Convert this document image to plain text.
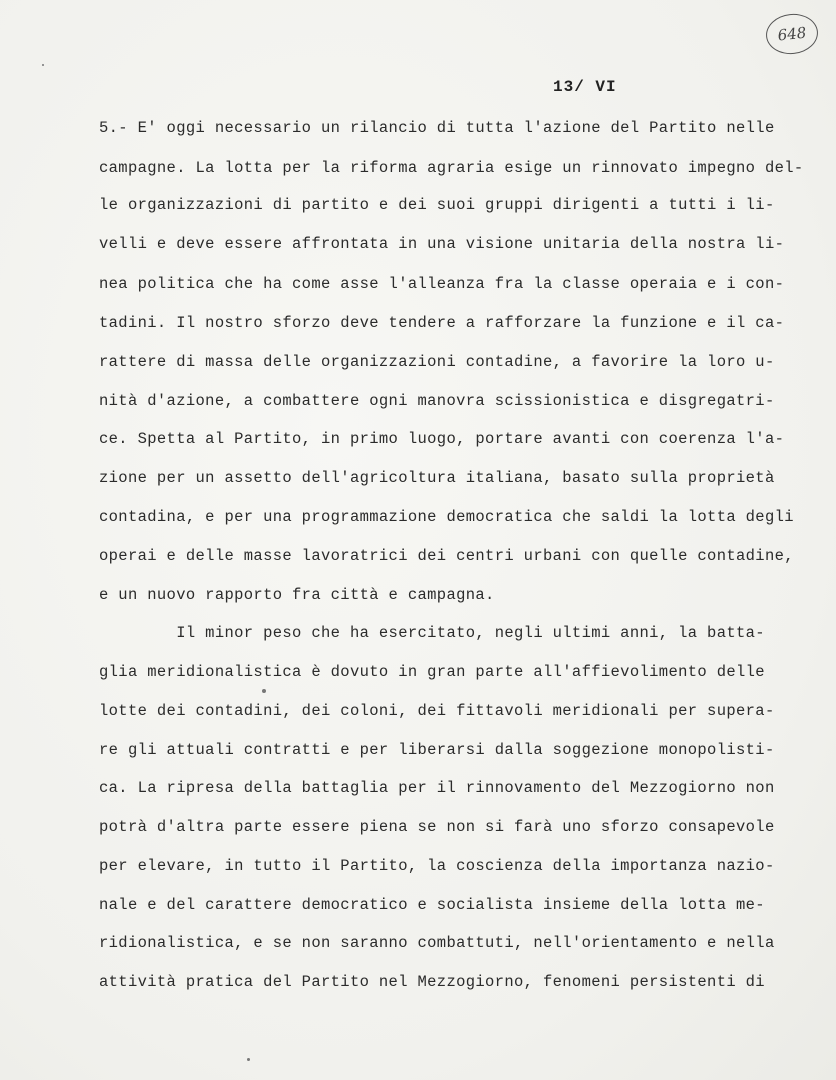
648
13/ VI
5.- E' oggi necessario un rilancio di tutta l'azione del Partito nelle
campagne. La lotta per la riforma agraria esige un rinnovato impegno del-
le organizzazioni di partito e dei suoi gruppi dirigenti a tutti i li-
velli e deve essere affrontata in una visione unitaria della nostra li-
nea politica che ha come asse l'alleanza fra la classe operaia e i con-
tadini. Il nostro sforzo deve tendere a rafforzare la funzione e il ca-
rattere di massa delle organizzazioni contadine, a favorire la loro u-
nità d'azione, a combattere ogni manovra scissionistica e disgregatri-
ce. Spetta al Partito, in primo luogo, portare avanti con coerenza l'a-
zione per un assetto dell'agricoltura italiana, basato sulla proprietà
contadina, e per una programmazione democratica che saldi la lotta degli
operai e delle masse lavoratrici dei centri urbani con quelle contadine,
e un nuovo rapporto fra città e campagna.
Il minor peso che ha esercitato, negli ultimi anni, la batta-
glia meridionalistica è dovuto in gran parte all'affievolimento delle
lotte dei contadini, dei coloni, dei fittavoli meridionali per supera-
re gli attuali contratti e per liberarsi dalla soggezione monopolisti-
ca. La ripresa della battaglia per il rinnovamento del Mezzogiorno non
potrà d'altra parte essere piena se non si farà uno sforzo consapevole
per elevare, in tutto il Partito, la coscienza della importanza nazio-
nale e del carattere democratico e socialista insieme della lotta me-
ridionalistica, e se non saranno combattuti, nell'orientamento e nella
attività pratica del Partito nel Mezzogiorno, fenomeni persistenti di
